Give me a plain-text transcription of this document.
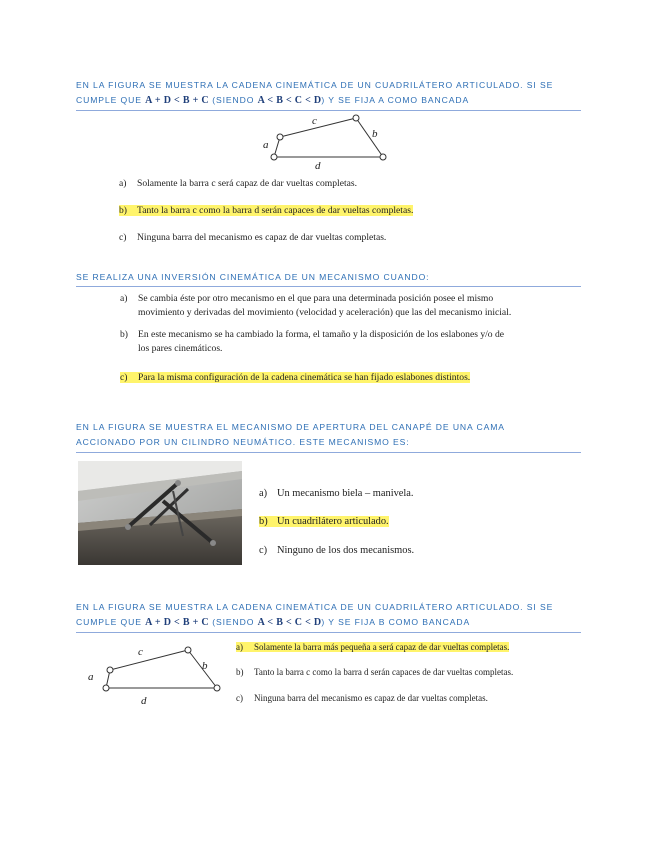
EN LA FIGURA SE MUESTRA LA CADENA CINEMÁTICA DE UN CUADRILÁTERO ARTICULADO. SI SE
CUMPLE QUE A + D < B + C (SIENDO A < B < C < D) Y SE FIJA A COMO BANCADA
a
c
b
d
a) Solamente la barra c será capaz de dar vueltas completas.
b) Tanto la barra c como la barra d serán capaces de dar vueltas completas.
c) Ninguna barra del mecanismo es capaz de dar vueltas completas.
SE REALIZA UNA INVERSIÓN CINEMÁTICA DE UN MECANISMO CUANDO:
a) Se cambia éste por otro mecanismo en el que para una determinada posición posee el mismo
movimiento y derivadas del movimiento (velocidad y aceleración) que las del mecanismo inicial.
b) En este mecanismo se ha cambiado la forma, el tamaño y la disposición de los eslabones y/o de
los pares cinemáticos.
c) Para la misma configuración de la cadena cinemática se han fijado eslabones distintos.
EN LA FIGURA SE MUESTRA EL MECANISMO DE APERTURA DEL CANAPÉ DE UNA CAMA
ACCIONADO POR UN CILINDRO NEUMÁTICO. ESTE MECANISMO ES:
a) Un mecanismo biela – manivela.
b) Un cuadrilátero articulado.
c) Ninguno de los dos mecanismos.
EN LA FIGURA SE MUESTRA LA CADENA CINEMÁTICA DE UN CUADRILÁTERO ARTICULADO. SI SE
CUMPLE QUE A + D < B + C (SIENDO A < B < C < D) Y SE FIJA B COMO BANCADA
a
c
b
d
a) Solamente la barra más pequeña a será capaz de dar vueltas completas.
b) Tanto la barra c como la barra d serán capaces de dar vueltas completas.
c) Ninguna barra del mecanismo es capaz de dar vueltas completas.
